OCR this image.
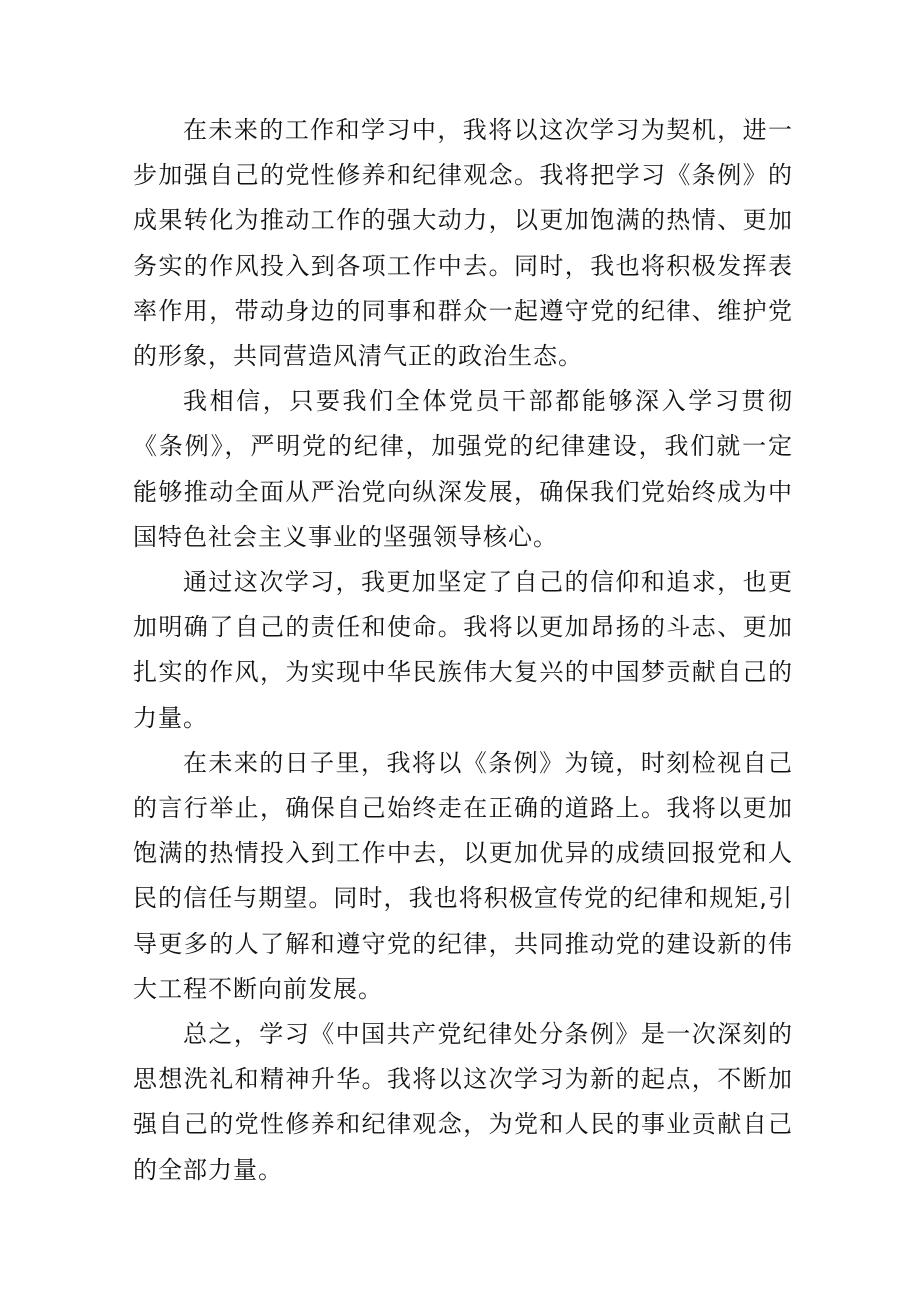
在未来的工作和学习中，我将以这次学习为契机，进一步加强自己的党性修养和纪律观念。我将把学习《条例》的成果转化为推动工作的强大动力，以更加饱满的热情、更加务实的作风投入到各项工作中去。同时，我也将积极发挥表率作用，带动身边的同事和群众一起遵守党的纪律、维护党的形象，共同营造风清气正的政治生态。

我相信，只要我们全体党员干部都能够深入学习贯彻《条例》，严明党的纪律，加强党的纪律建设，我们就一定能够推动全面从严治党向纵深发展，确保我们党始终成为中国特色社会主义事业的坚强领导核心。

通过这次学习，我更加坚定了自己的信仰和追求，也更加明确了自己的责任和使命。我将以更加昂扬的斗志、更加扎实的作风，为实现中华民族伟大复兴的中国梦贡献自己的力量。

在未来的日子里，我将以《条例》为镜，时刻检视自己的言行举止，确保自己始终走在正确的道路上。我将以更加饱满的热情投入到工作中去，以更加优异的成绩回报党和人民的信任与期望。同时，我也将积极宣传党的纪律和规矩,引导更多的人了解和遵守党的纪律，共同推动党的建设新的伟大工程不断向前发展。

总之，学习《中国共产党纪律处分条例》是一次深刻的思想洗礼和精神升华。我将以这次学习为新的起点，不断加强自己的党性修养和纪律观念，为党和人民的事业贡献自己的全部力量。
